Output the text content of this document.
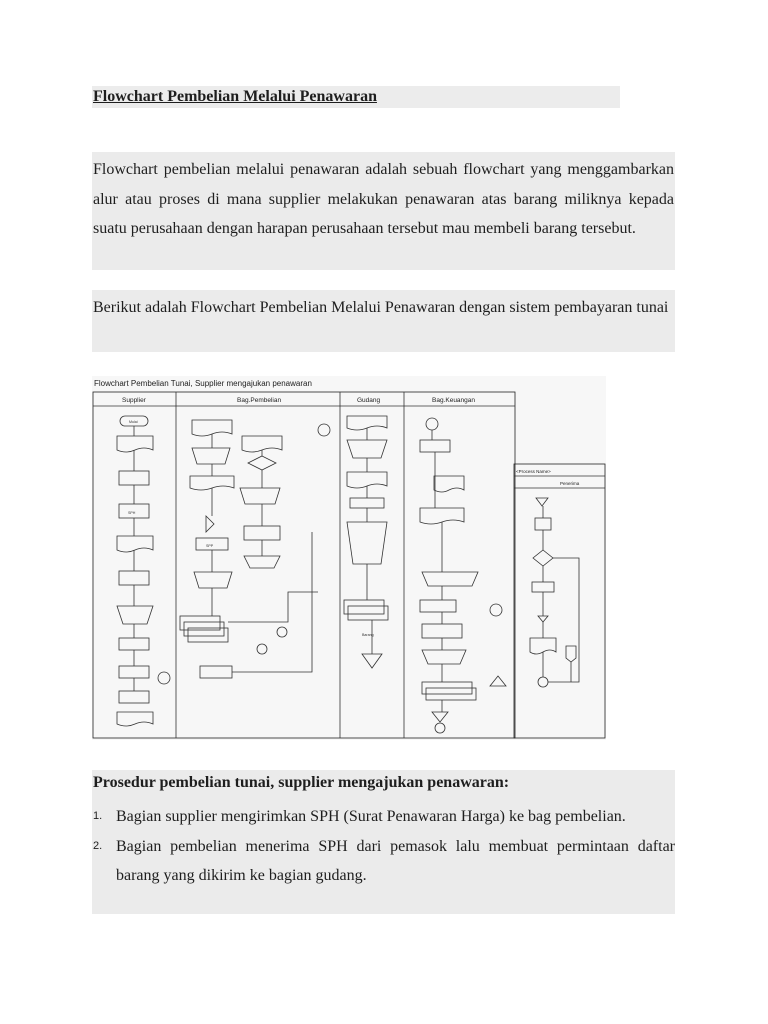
Flowchart Pembelian Melalui Penawaran
Flowchart pembelian melalui penawaran adalah sebuah flowchart yang menggambarkan alur atau proses di mana supplier melakukan penawaran atas barang miliknya kepada suatu perusahaan dengan harapan perusahaan tersebut mau membeli barang tersebut.
Berikut adalah Flowchart Pembelian Melalui Penawaran dengan sistem pembayaran tunai
Flowchart Pembelian Tunai, Supplier mengajukan penawaran
Supplier	Bag.Pembelian	Gudang	Bag.Keuangan
Mulai
SPH
SPP
Barang
<Process Name>
Penerima
Prosedur pembelian tunai, supplier mengajukan penawaran:
1. Bagian supplier mengirimkan SPH (Surat Penawaran Harga) ke bag pembelian.
2. Bagian pembelian menerima SPH dari pemasok lalu membuat permintaan daftar barang yang dikirim ke bagian gudang.
